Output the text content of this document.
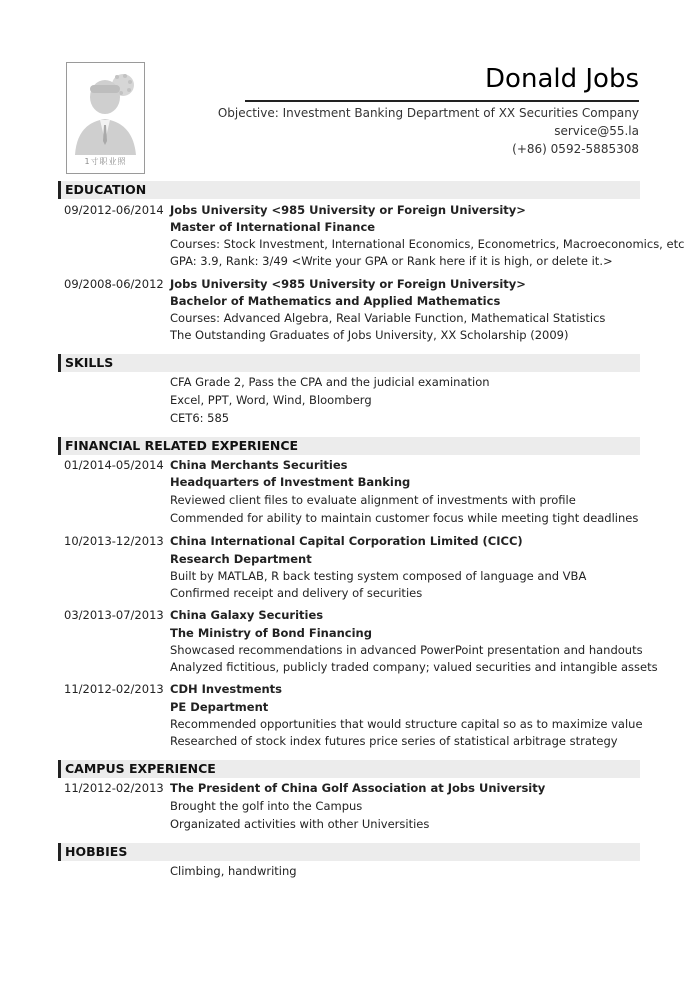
1寸职业照
Donald Jobs
Objective: Investment Banking Department of XX Securities Company
service@55.la
(+86) 0592-5885308
EDUCATION
09/2012-06/2014 Jobs University <985 University or Foreign University>
Master of International Finance
Courses: Stock Investment, International Economics, Econometrics, Macroeconomics, etc
GPA: 3.9, Rank: 3/49 <Write your GPA or Rank here if it is high, or delete it.>
09/2008-06/2012 Jobs University <985 University or Foreign University>
Bachelor of Mathematics and Applied Mathematics
Courses: Advanced Algebra, Real Variable Function, Mathematical Statistics
The Outstanding Graduates of Jobs University, XX Scholarship (2009)
SKILLS
CFA Grade 2, Pass the CPA and the judicial examination
Excel, PPT, Word, Wind, Bloomberg
CET6: 585
FINANCIAL RELATED EXPERIENCE
01/2014-05/2014 China Merchants Securities
Headquarters of Investment Banking
Reviewed client files to evaluate alignment of investments with profile
Commended for ability to maintain customer focus while meeting tight deadlines
10/2013-12/2013 China International Capital Corporation Limited (CICC)
Research Department
Built by MATLAB, R back testing system composed of language and VBA
Confirmed receipt and delivery of securities
03/2013-07/2013 China Galaxy Securities
The Ministry of Bond Financing
Showcased recommendations in advanced PowerPoint presentation and handouts
Analyzed fictitious, publicly traded company; valued securities and intangible assets
11/2012-02/2013 CDH Investments
PE Department
Recommended opportunities that would structure capital so as to maximize value
Researched of stock index futures price series of statistical arbitrage strategy
CAMPUS EXPERIENCE
11/2012-02/2013 The President of China Golf Association at Jobs University
Brought the golf into the Campus
Organizated activities with other Universities
HOBBIES
Climbing, handwriting
